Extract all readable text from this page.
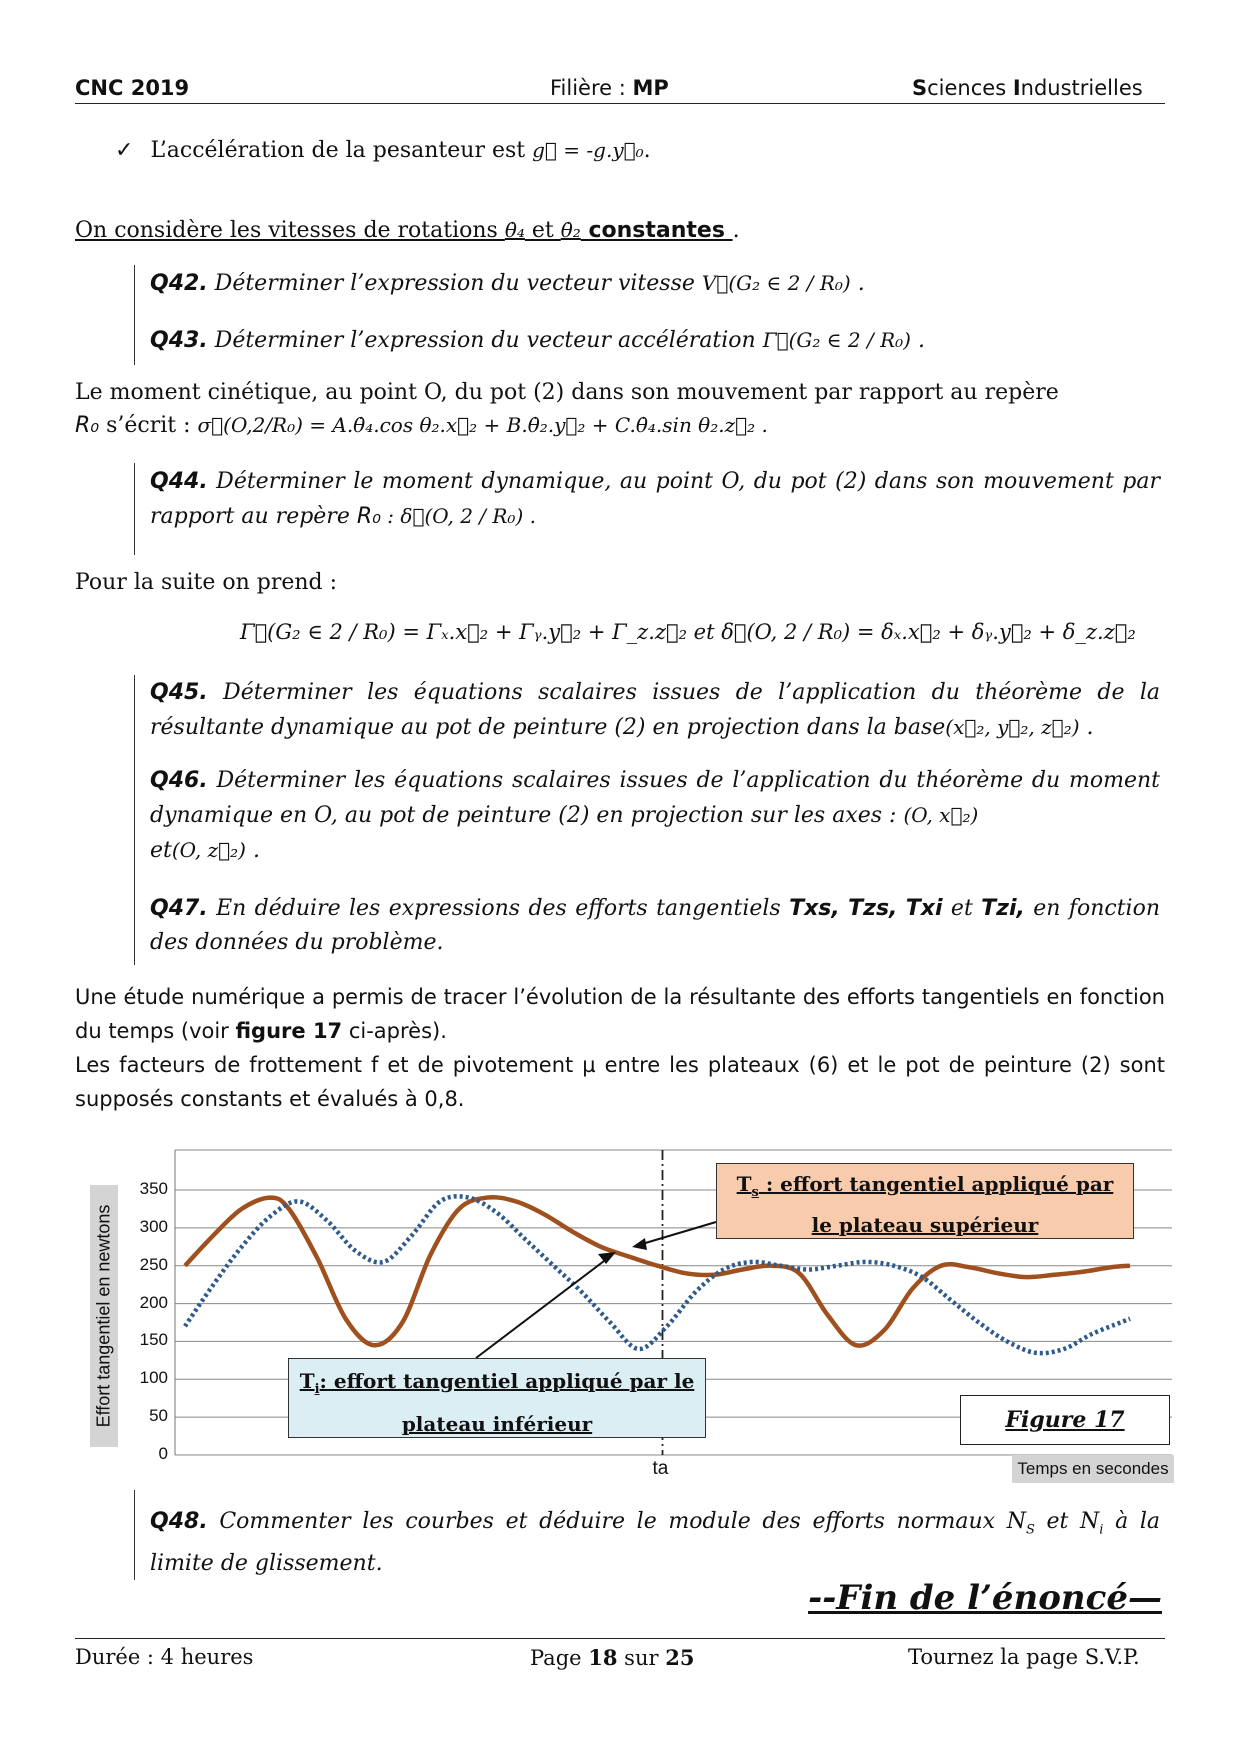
CNC 2019	Filière : MP	Sciences Industrielles
✓ L’accélération de la pesanteur est g⃗ = -g.y⃗₀.
On considère les vitesses de rotations θ̇₄ et θ̇₂ constantes .
Q42. Déterminer l’expression du vecteur vitesse V⃗(G₂ ∈ 2 / R₀) .
Q43. Déterminer l’expression du vecteur accélération Γ⃗(G₂ ∈ 2 / R₀) .
Le moment cinétique, au point O, du pot (2) dans son mouvement par rapport au repère
R₀ s’écrit : σ⃗(O,2/R₀) = A.θ̇₄.cos θ₂.x⃗₂ + B.θ̇₂.y⃗₂ + C.θ̇₄.sin θ₂.z⃗₂ .
Q44. Déterminer le moment dynamique, au point O, du pot (2) dans son mouvement par rapport au repère R₀ : δ⃗(O, 2 / R₀) .
Pour la suite on prend :
Γ⃗(G₂ ∈ 2 / R₀) = Γₓ.x⃗₂ + Γᵧ.y⃗₂ + Γ_z.z⃗₂ et δ⃗(O, 2 / R₀) = δₓ.x⃗₂ + δᵧ.y⃗₂ + δ_z.z⃗₂
Q45. Déterminer les équations scalaires issues de l’application du théorème de la résultante dynamique au pot de peinture (2) en projection dans la base(x⃗₂, y⃗₂, z⃗₂) .
Q46. Déterminer les équations scalaires issues de l’application du théorème du moment dynamique en O, au pot de peinture (2) en projection sur les axes : (O, x⃗₂)
et(O, z⃗₂) .
Q47. En déduire les expressions des efforts tangentiels Txs, Tzs, Txi et Tzi, en fonction des données du problème.
Une étude numérique a permis de tracer l’évolution de la résultante des efforts tangentiels en fonction du temps (voir figure 17 ci-après).
Les facteurs de frottement f et de pivotement µ entre les plateaux (6) et le pot de peinture (2) sont supposés constants et évalués à 0,8.
Effort tangentiel en newtons
350
300
250
200
150
100
50
0
$T_s$ : effort tangentiel appliqué par
le plateau supérieur
$T_i$: effort tangentiel appliqué par le
plateau inférieur	Figure 17
ta	Temps en secondes
Q48. Commenter les courbes et déduire le module des efforts normaux $N_S$ et $N_i$ à la limite de glissement.
--Fin de l’énoncé—
Durée : 4 heures	Page 18 sur 25	Tournez la page S.V.P.
